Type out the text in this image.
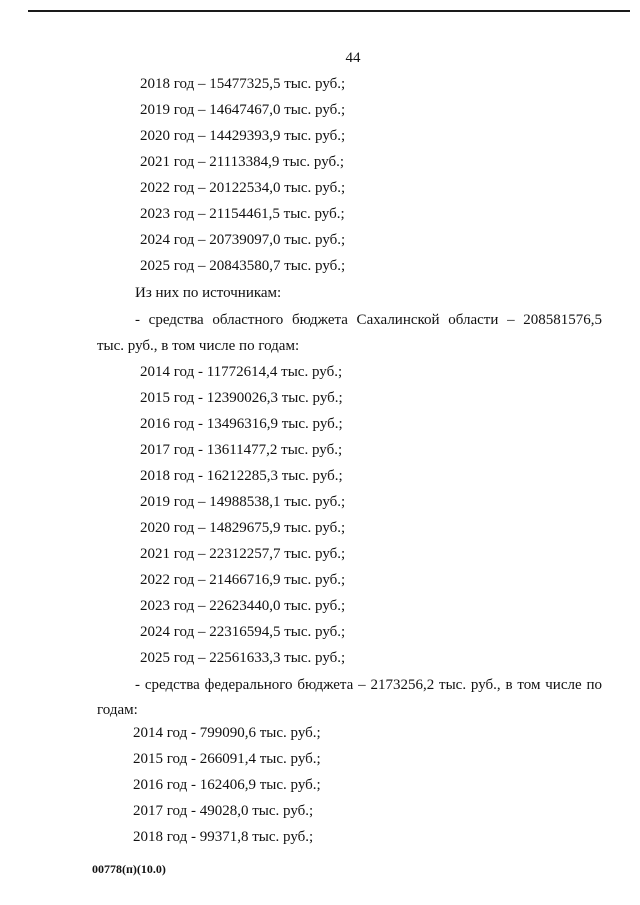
44
2018 год – 15477325,5 тыс. руб.;
2019 год – 14647467,0 тыс. руб.;
2020 год – 14429393,9 тыс. руб.;
2021 год – 21113384,9 тыс. руб.;
2022 год – 20122534,0 тыс. руб.;
2023 год – 21154461,5 тыс. руб.;
2024 год – 20739097,0 тыс. руб.;
2025 год – 20843580,7 тыс. руб.;
Из них по источникам:
- средства областного бюджета Сахалинской области – 208581576,5
тыс. руб., в том числе по годам:
2014 год - 11772614,4 тыс. руб.;
2015 год - 12390026,3 тыс. руб.;
2016 год - 13496316,9 тыс. руб.;
2017 год - 13611477,2 тыс. руб.;
2018 год - 16212285,3 тыс. руб.;
2019 год – 14988538,1 тыс. руб.;
2020 год – 14829675,9 тыс. руб.;
2021 год – 22312257,7 тыс. руб.;
2022 год – 21466716,9 тыс. руб.;
2023 год – 22623440,0 тыс. руб.;
2024 год – 22316594,5 тыс. руб.;
2025 год – 22561633,3 тыс. руб.;
- средства федерального бюджета – 2173256,2 тыс. руб., в том числе по
годам:
2014 год - 799090,6 тыс. руб.;
2015 год - 266091,4 тыс. руб.;
2016 год - 162406,9 тыс. руб.;
2017 год - 49028,0 тыс. руб.;
2018 год - 99371,8 тыс. руб.;
00778(п)(10.0)
